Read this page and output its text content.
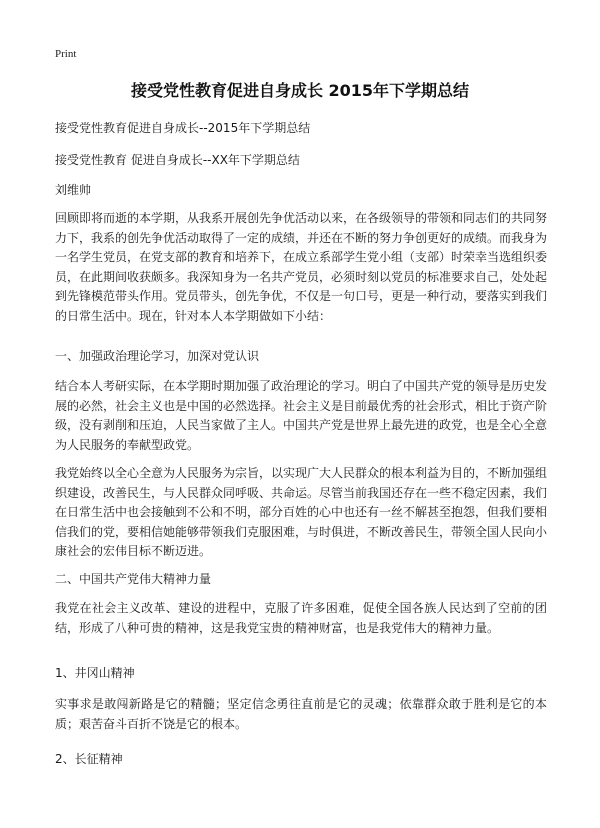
Print
接受党性教育促进自身成长 2015年下学期总结
接受党性教育促进自身成长--2015年下学期总结
接受党性教育 促进自身成长--XX年下学期总结
刘维帅

回顾即将而逝的本学期，从我系开展创先争优活动以来，在各级领导的带领和同志们的共同努力下，我系的创先争优活动取得了一定的成绩，并还在不断的努力争创更好的成绩。而我身为一名学生党员，在党支部的教育和培养下，在成立系部学生党小组（支部）时荣幸当选组织委员，在此期间收获颇多。我深知身为一名共产党员，必须时刻以党员的标准要求自己，处处起到先锋模范带头作用。党员带头，创先争优，不仅是一句口号，更是一种行动，要落实到我们的日常生活中。现在，针对本人本学期做如下小结：

一、加强政治理论学习，加深对党认识

结合本人考研实际，在本学期时期加强了政治理论的学习。明白了中国共产党的领导是历史发展的必然，社会主义也是中国的必然选择。社会主义是目前最优秀的社会形式，相比于资产阶级，没有剥削和压迫，人民当家做了主人。中国共产党是世界上最先进的政党，也是全心全意为人民服务的奉献型政党。

我党始终以全心全意为人民服务为宗旨，以实现广大人民群众的根本利益为目的，不断加强组织建设，改善民生，与人民群众同呼吸、共命运。尽管当前我国还存在一些不稳定因素，我们在日常生活中也会接触到不公和不明，部分百姓的心中也还有一丝不解甚至抱怨，但我们要相信我们的党，要相信她能够带领我们克服困难，与时俱进，不断改善民生，带领全国人民向小康社会的宏伟目标不断迈进。

二、中国共产党伟大精神力量

我党在社会主义改革、建设的进程中，克服了许多困难，促使全国各族人民达到了空前的团结，形成了八种可贵的精神，这是我党宝贵的精神财富，也是我党伟大的精神力量。

1、井冈山精神

实事求是敢闯新路是它的精髓；坚定信念勇往直前是它的灵魂；依靠群众敢于胜利是它的本质；艰苦奋斗百折不饶是它的根本。

2、长征精神
